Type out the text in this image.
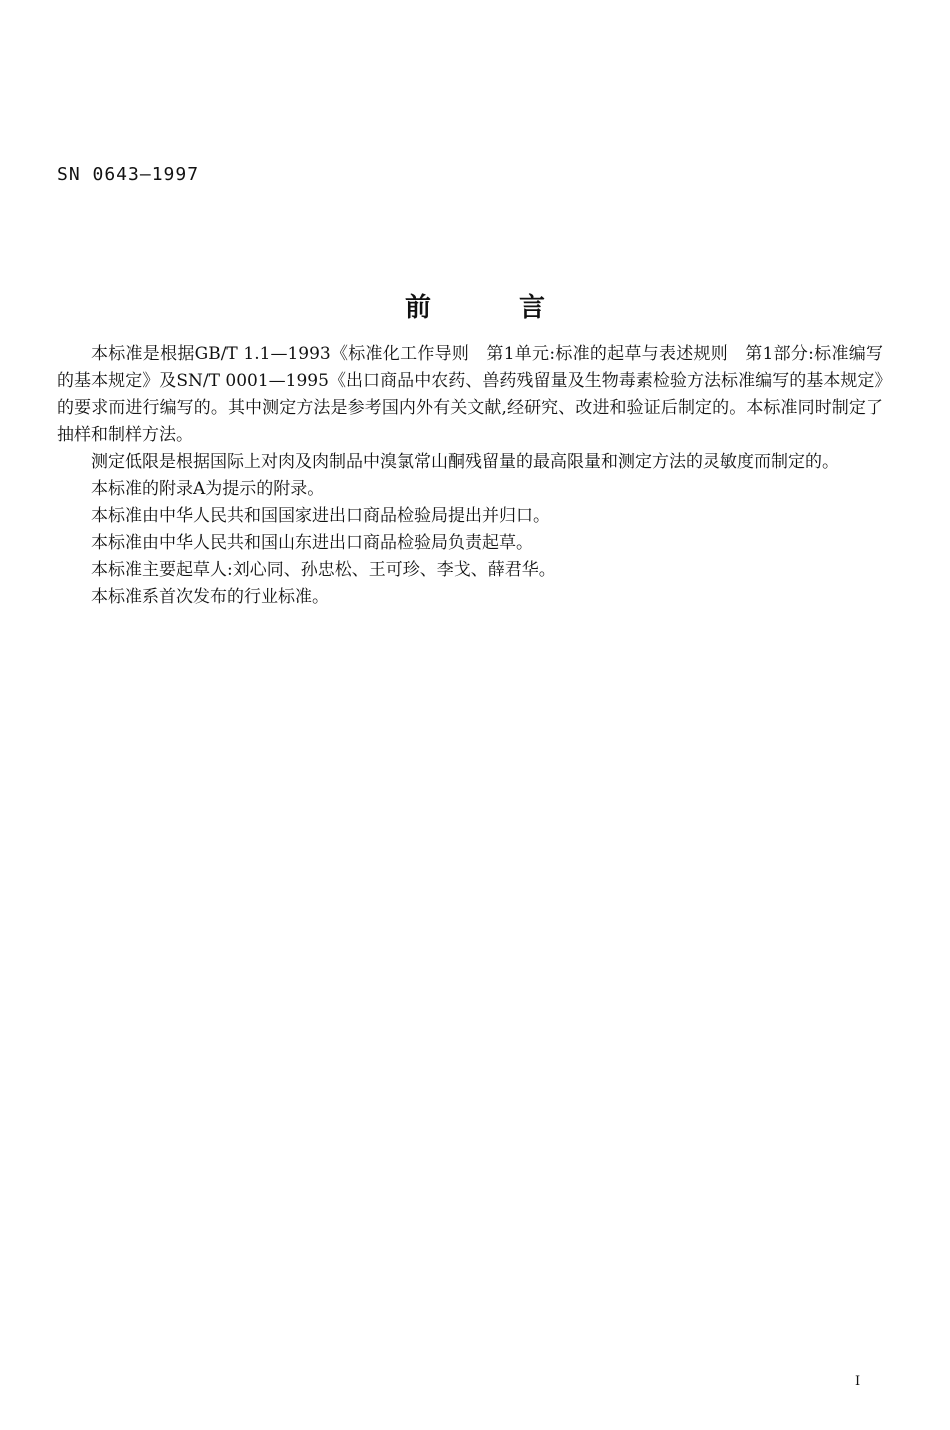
SN 0643—1997
前言

本标准是根据GB/T 1.1—1993《标准化工作导则　第1单元:标准的起草与表述规则　第1部分:标准编写的基本规定》及SN/T 0001—1995《出口商品中农药、兽药残留量及生物毒素检验方法标准编写的基本规定》的要求而进行编写的。其中测定方法是参考国内外有关文献,经研究、改进和验证后制定的。本标准同时制定了抽样和制样方法。

测定低限是根据国际上对肉及肉制品中溴氯常山酮残留量的最高限量和测定方法的灵敏度而制定的。

本标准的附录A为提示的附录。

本标准由中华人民共和国国家进出口商品检验局提出并归口。

本标准由中华人民共和国山东进出口商品检验局负责起草。

本标准主要起草人:刘心同、孙忠松、王可珍、李戈、薛君华。

本标准系首次发布的行业标准。

I
